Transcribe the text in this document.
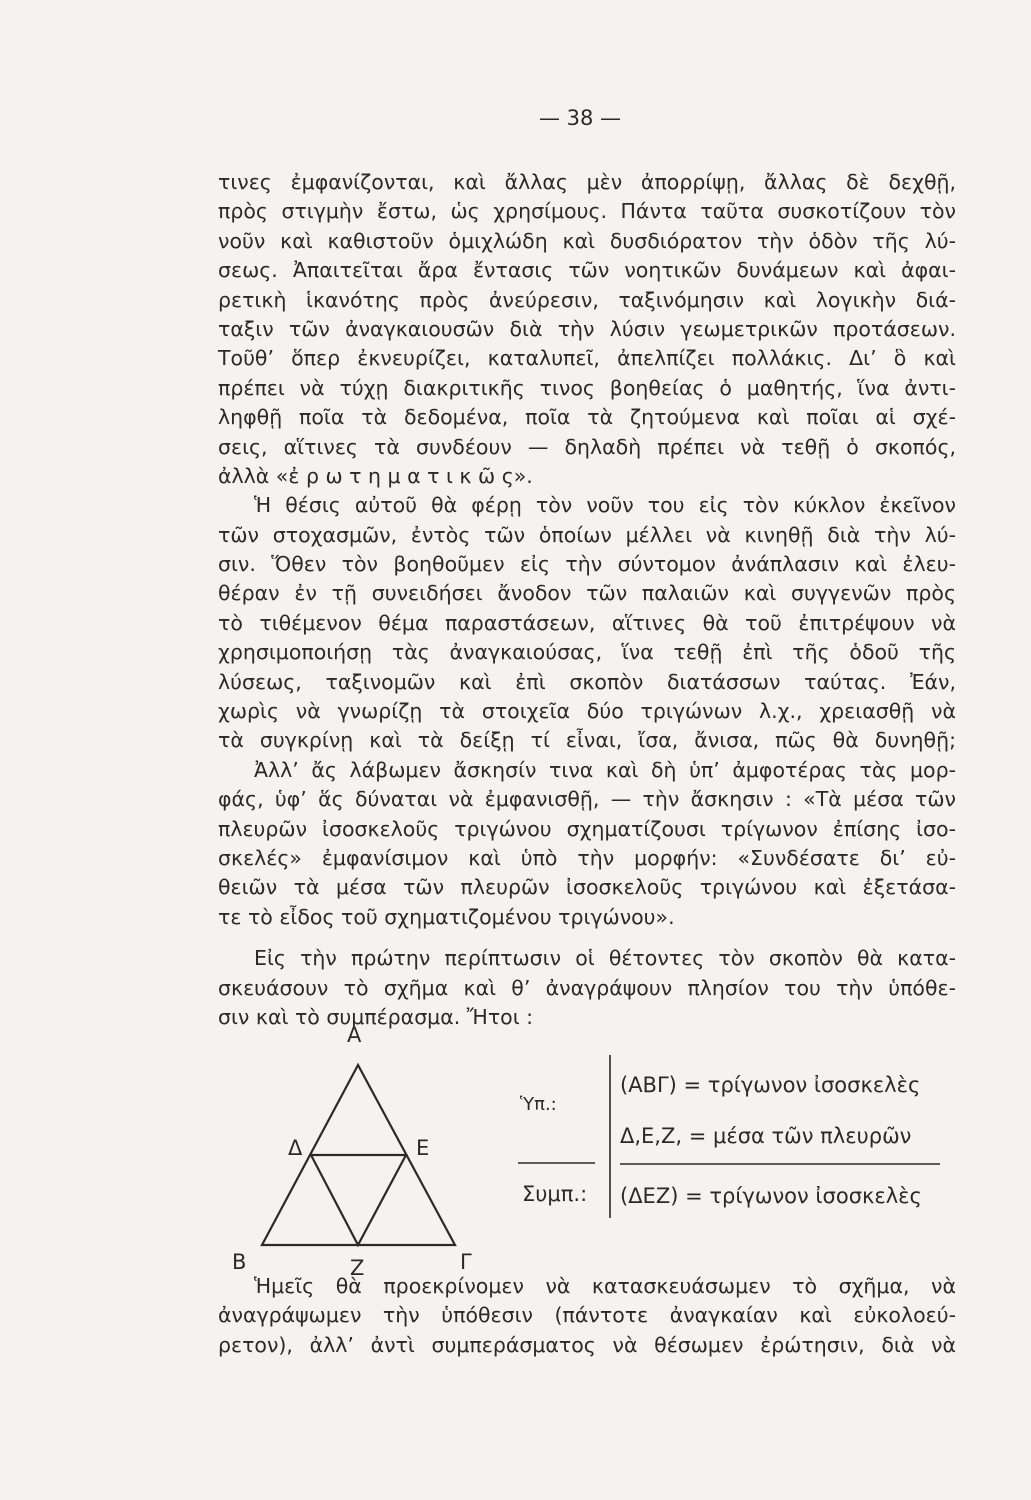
— 38 —
τινες ἐμφανίζονται, καὶ ἄλλας μὲν ἀπορρίψῃ, ἄλλας δὲ δεχθῇ,
πρὸς στιγμὴν ἔστω, ὡς χρησίμους. Πάντα ταῦτα συσκοτίζουν τὸν
νοῦν καὶ καθιστοῦν ὁμιχλώδη καὶ δυσδιόρατον τὴν ὁδὸν τῆς λύ-
σεως. Ἀπαιτεῖται ἄρα ἔντασις τῶν νοητικῶν δυνάμεων καὶ ἀφαι-
ρετικὴ ἱκανότης πρὸς ἀνεύρεσιν, ταξινόμησιν καὶ λογικὴν διά-
ταξιν τῶν ἀναγκαιουσῶν διὰ τὴν λύσιν γεωμετρικῶν προτάσεων.
Τοῦθ’ ὅπερ ἐκνευρίζει, καταλυπεῖ, ἀπελπίζει πολλάκις. Δι’ ὃ καὶ
πρέπει νὰ τύχῃ διακριτικῆς τινος βοηθείας ὁ μαθητής, ἵνα ἀντι-
ληφθῇ ποῖα τὰ δεδομένα, ποῖα τὰ ζητούμενα καὶ ποῖαι αἱ σχέ-
σεις, αἵτινες τὰ συνδέουν — δηλαδὴ πρέπει νὰ τεθῇ ὁ σκοπός,
ἀλλὰ «ἐ ρ ω τ η μ α τ ι κ ῶ ς».
Ἡ θέσις αὐτοῦ θὰ φέρῃ τὸν νοῦν του εἰς τὸν κύκλον ἐκεῖνον
τῶν στοχασμῶν, ἐντὸς τῶν ὁποίων μέλλει νὰ κινηθῇ διὰ τὴν λύ-
σιν. Ὅθεν τὸν βοηθοῦμεν εἰς τὴν σύντομον ἀνάπλασιν καὶ ἐλευ-
θέραν ἐν τῇ συνειδήσει ἄνοδον τῶν παλαιῶν καὶ συγγενῶν πρὸς
τὸ τιθέμενον θέμα παραστάσεων, αἵτινες θὰ τοῦ ἐπιτρέψουν νὰ
χρησιμοποιήσῃ τὰς ἀναγκαιούσας, ἵνα τεθῇ ἐπὶ τῆς ὁδοῦ τῆς
λύσεως, ταξινομῶν καὶ ἐπὶ σκοπὸν διατάσσων ταύτας. Ἐάν,
χωρὶς νὰ γνωρίζῃ τὰ στοιχεῖα δύο τριγώνων λ.χ., χρειασθῇ νὰ
τὰ συγκρίνῃ καὶ τὰ δείξῃ τί εἶναι, ἴσα, ἄνισα, πῶς θὰ δυνηθῇ;
Ἀλλ’ ἄς λάβωμεν ἄσκησίν τινα καὶ δὴ ὑπ’ ἀμφοτέρας τὰς μορ-
φάς, ὑφ’ ἅς δύναται νὰ ἐμφανισθῇ, — τὴν ἄσκησιν : «Τὰ μέσα τῶν
πλευρῶν ἰσοσκελοῦς τριγώνου σχηματίζουσι τρίγωνον ἐπίσης ἰσο-
σκελές» ἐμφανίσιμον καὶ ὑπὸ τὴν μορφήν: «Συνδέσατε δι’ εὐ-
θειῶν τὰ μέσα τῶν πλευρῶν ἰσοσκελοῦς τριγώνου καὶ ἐξετάσα-
τε τὸ εἶδος τοῦ σχηματιζομένου τριγώνου».
Εἰς τὴν πρώτην περίπτωσιν οἱ θέτοντες τὸν σκοπὸν θὰ κατα-
σκευάσουν τὸ σχῆμα καὶ θ’ ἀναγράψουν πλησίον του τὴν ὑπόθε-
σιν καὶ τὸ συμπέρασμα. Ἤτοι :
A
Δ	Ε
B	Z	Γ
Ὑπ.:
(ΑΒΓ) = τρίγωνον ἰσοσκελὲς
Δ,Ε,Ζ, = μέσα τῶν πλευρῶν
Συμπ.: (ΔΕΖ) = τρίγωνον ἰσοσκελὲς
Ἡμεῖς θὰ προεκρίνομεν νὰ κατασκευάσωμεν τὸ σχῆμα, νὰ
ἀναγράψωμεν τὴν ὑπόθεσιν (πάντοτε ἀναγκαίαν καὶ εὐκολοεύ-
ρετον), ἀλλ’ ἀντὶ συμπεράσματος νὰ θέσωμεν ἐρώτησιν, διὰ νὰ
